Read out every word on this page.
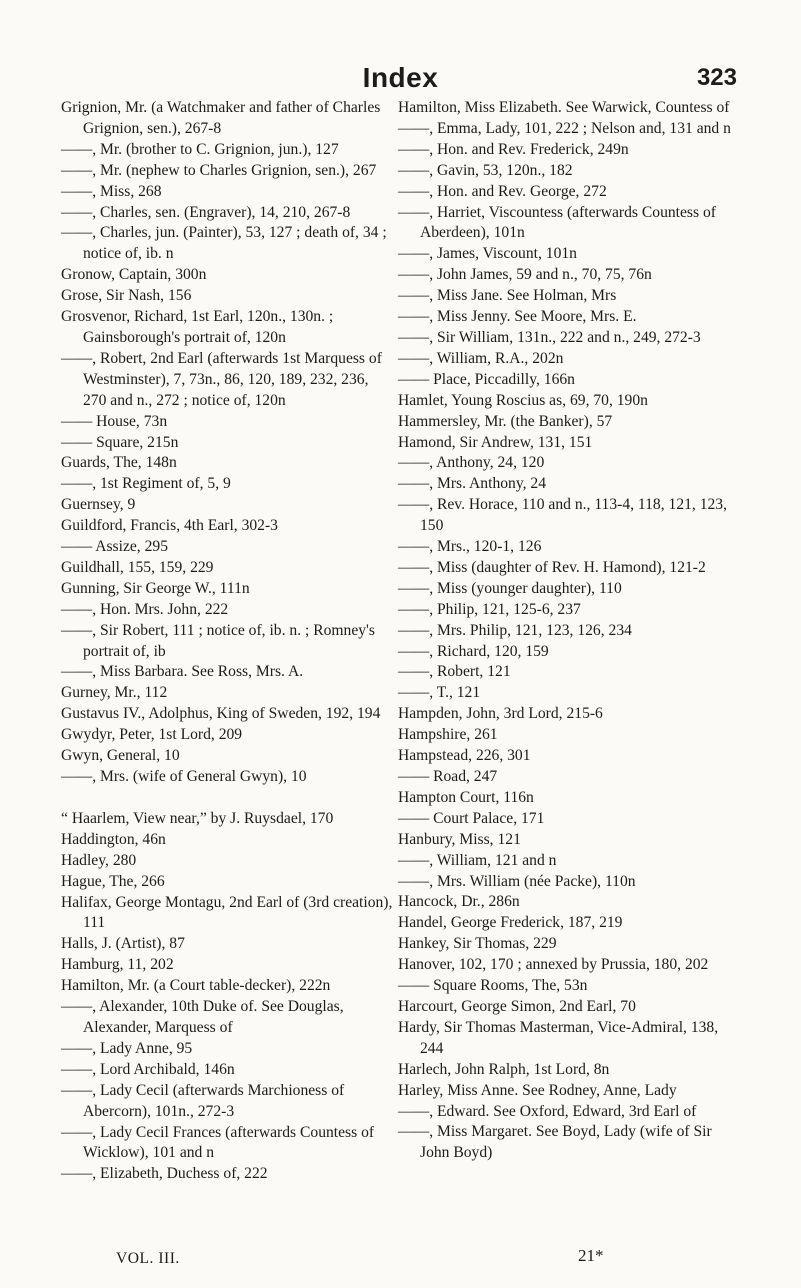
Index	323

Grignion, Mr. (a Watchmaker and father of Charles Grignion, sen.), 267-8

——, Mr. (brother to C. Grignion, jun.), 127

——, Mr. (nephew to Charles Grignion, sen.), 267

——, Miss, 268

——, Charles, sen. (Engraver), 14, 210, 267-8

——, Charles, jun. (Painter), 53, 127 ; death of, 34 ; notice of, ib. n

Gronow, Captain, 300n

Grose, Sir Nash, 156

Grosvenor, Richard, 1st Earl, 120n., 130n. ; Gainsborough's portrait of, 120n

——, Robert, 2nd Earl (afterwards 1st Marquess of Westminster), 7, 73n., 86, 120, 189, 232, 236, 270 and n., 272 ; notice of, 120n

—— House, 73n

—— Square, 215n

Guards, The, 148n

——, 1st Regiment of, 5, 9

Guernsey, 9

Guildford, Francis, 4th Earl, 302-3

—— Assize, 295

Guildhall, 155, 159, 229

Gunning, Sir George W., 111n

——, Hon. Mrs. John, 222

——, Sir Robert, 111 ; notice of, ib. n. ; Romney's portrait of, ib

——, Miss Barbara. See Ross, Mrs. A.

Gurney, Mr., 112

Gustavus IV., Adolphus, King of Sweden, 192, 194

Gwydyr, Peter, 1st Lord, 209

Gwyn, General, 10

——, Mrs. (wife of General Gwyn), 10

“ Haarlem, View near,” by J. Ruysdael, 170

Haddington, 46n

Hadley, 280

Hague, The, 266

Halifax, George Montagu, 2nd Earl of (3rd creation), 111

Halls, J. (Artist), 87

Hamburg, 11, 202

Hamilton, Mr. (a Court table-decker), 222n

——, Alexander, 10th Duke of. See Douglas, Alexander, Marquess of

——, Lady Anne, 95

——, Lord Archibald, 146n

——, Lady Cecil (afterwards Marchioness of Abercorn), 101n., 272-3

——, Lady Cecil Frances (afterwards Countess of Wicklow), 101 and n

——, Elizabeth, Duchess of, 222

Hamilton, Miss Elizabeth. See Warwick, Countess of

——, Emma, Lady, 101, 222 ; Nelson and, 131 and n

——, Hon. and Rev. Frederick, 249n

——, Gavin, 53, 120n., 182

——, Hon. and Rev. George, 272

——, Harriet, Viscountess (afterwards Countess of Aberdeen), 101n

——, James, Viscount, 101n

——, John James, 59 and n., 70, 75, 76n

——, Miss Jane. See Holman, Mrs

——, Miss Jenny. See Moore, Mrs. E.

——, Sir William, 131n., 222 and n., 249, 272-3

——, William, R.A., 202n

—— Place, Piccadilly, 166n

Hamlet, Young Roscius as, 69, 70, 190n

Hammersley, Mr. (the Banker), 57

Hamond, Sir Andrew, 131, 151

——, Anthony, 24, 120

——, Mrs. Anthony, 24

——, Rev. Horace, 110 and n., 113-4, 118, 121, 123, 150

——, Mrs., 120-1, 126

——, Miss (daughter of Rev. H. Hamond), 121-2

——, Miss (younger daughter), 110

——, Philip, 121, 125-6, 237

——, Mrs. Philip, 121, 123, 126, 234

——, Richard, 120, 159

——, Robert, 121

——, T., 121

Hampden, John, 3rd Lord, 215-6

Hampshire, 261

Hampstead, 226, 301

—— Road, 247

Hampton Court, 116n

—— Court Palace, 171

Hanbury, Miss, 121

——, William, 121 and n

——, Mrs. William (née Packe), 110n

Hancock, Dr., 286n

Handel, George Frederick, 187, 219

Hankey, Sir Thomas, 229

Hanover, 102, 170 ; annexed by Prussia, 180, 202

—— Square Rooms, The, 53n

Harcourt, George Simon, 2nd Earl, 70

Hardy, Sir Thomas Masterman, Vice-Admiral, 138, 244

Harlech, John Ralph, 1st Lord, 8n

Harley, Miss Anne. See Rodney, Anne, Lady

——, Edward. See Oxford, Edward, 3rd Earl of

——, Miss Margaret. See Boyd, Lady (wife of Sir John Boyd)

VOL. III.	21*
